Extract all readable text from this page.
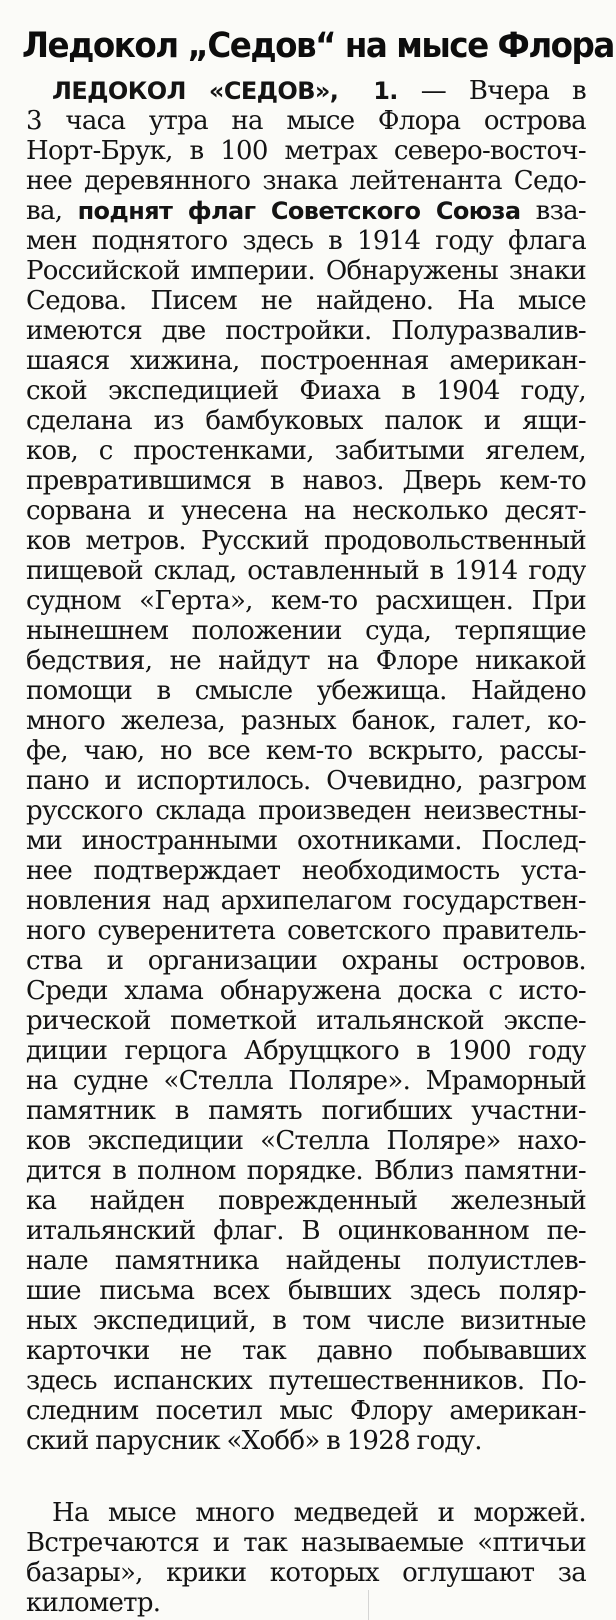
Ледокол „Седов“ на мысе Флора
ЛЕДОКОЛ «СЕДОВ», 1. — Вчера в
3 часа утра на мысе Флора острова
Норт-Брук, в 100 метрах северо-восточ-
нее деревянного знака лейтенанта Седо-
ва, поднят флаг Советского Союза вза-
мен поднятого здесь в 1914 году флага
Российской империи. Обнаружены знаки
Седова. Писем не найдено. На мысе
имеются две постройки. Полуразвалив-
шаяся хижина, построенная американ-
ской экспедицией Фиаха в 1904 году,
сделана из бамбуковых палок и ящи-
ков, с простенками, забитыми ягелем,
превратившимся в навоз. Дверь кем-то
сорвана и унесена на несколько десят-
ков метров. Русский продовольственный
пищевой склад, оставленный в 1914 году
судном «Герта», кем-то расхищен. При
нынешнем положении суда, терпящие
бедствия, не найдут на Флоре никакой
помощи в смысле убежища. Найдено
много железа, разных банок, галет, ко-
фе, чаю, но все кем-то вскрыто, рассы-
пано и испортилось. Очевидно, разгром
русского склада произведен неизвестны-
ми иностранными охотниками. Послед-
нее подтверждает необходимость уста-
новления над архипелагом государствен-
ного суверенитета советского правитель-
ства и организации охраны островов.
Среди хлама обнаружена доска с исто-
рической пометкой итальянской экспе-
диции герцога Абруццкого в 1900 году
на судне «Стелла Поляре». Мраморный
памятник в память погибших участни-
ков экспедиции «Стелла Поляре» нахо-
дится в полном порядке. Вблиз памятни-
ка найден поврежденный железный
итальянский флаг. В оцинкованном пе-
нале памятника найдены полуистлев-
шие письма всех бывших здесь поляр-
ных экспедиций, в том числе визитные
карточки не так давно побывавших
здесь испанских путешественников. По-
следним посетил мыс Флору американ-
ский парусник «Хобб» в 1928 году.
На мысе много медведей и моржей.
Встречаются и так называемые «птичьи
базары», крики которых оглушают за
километр.
